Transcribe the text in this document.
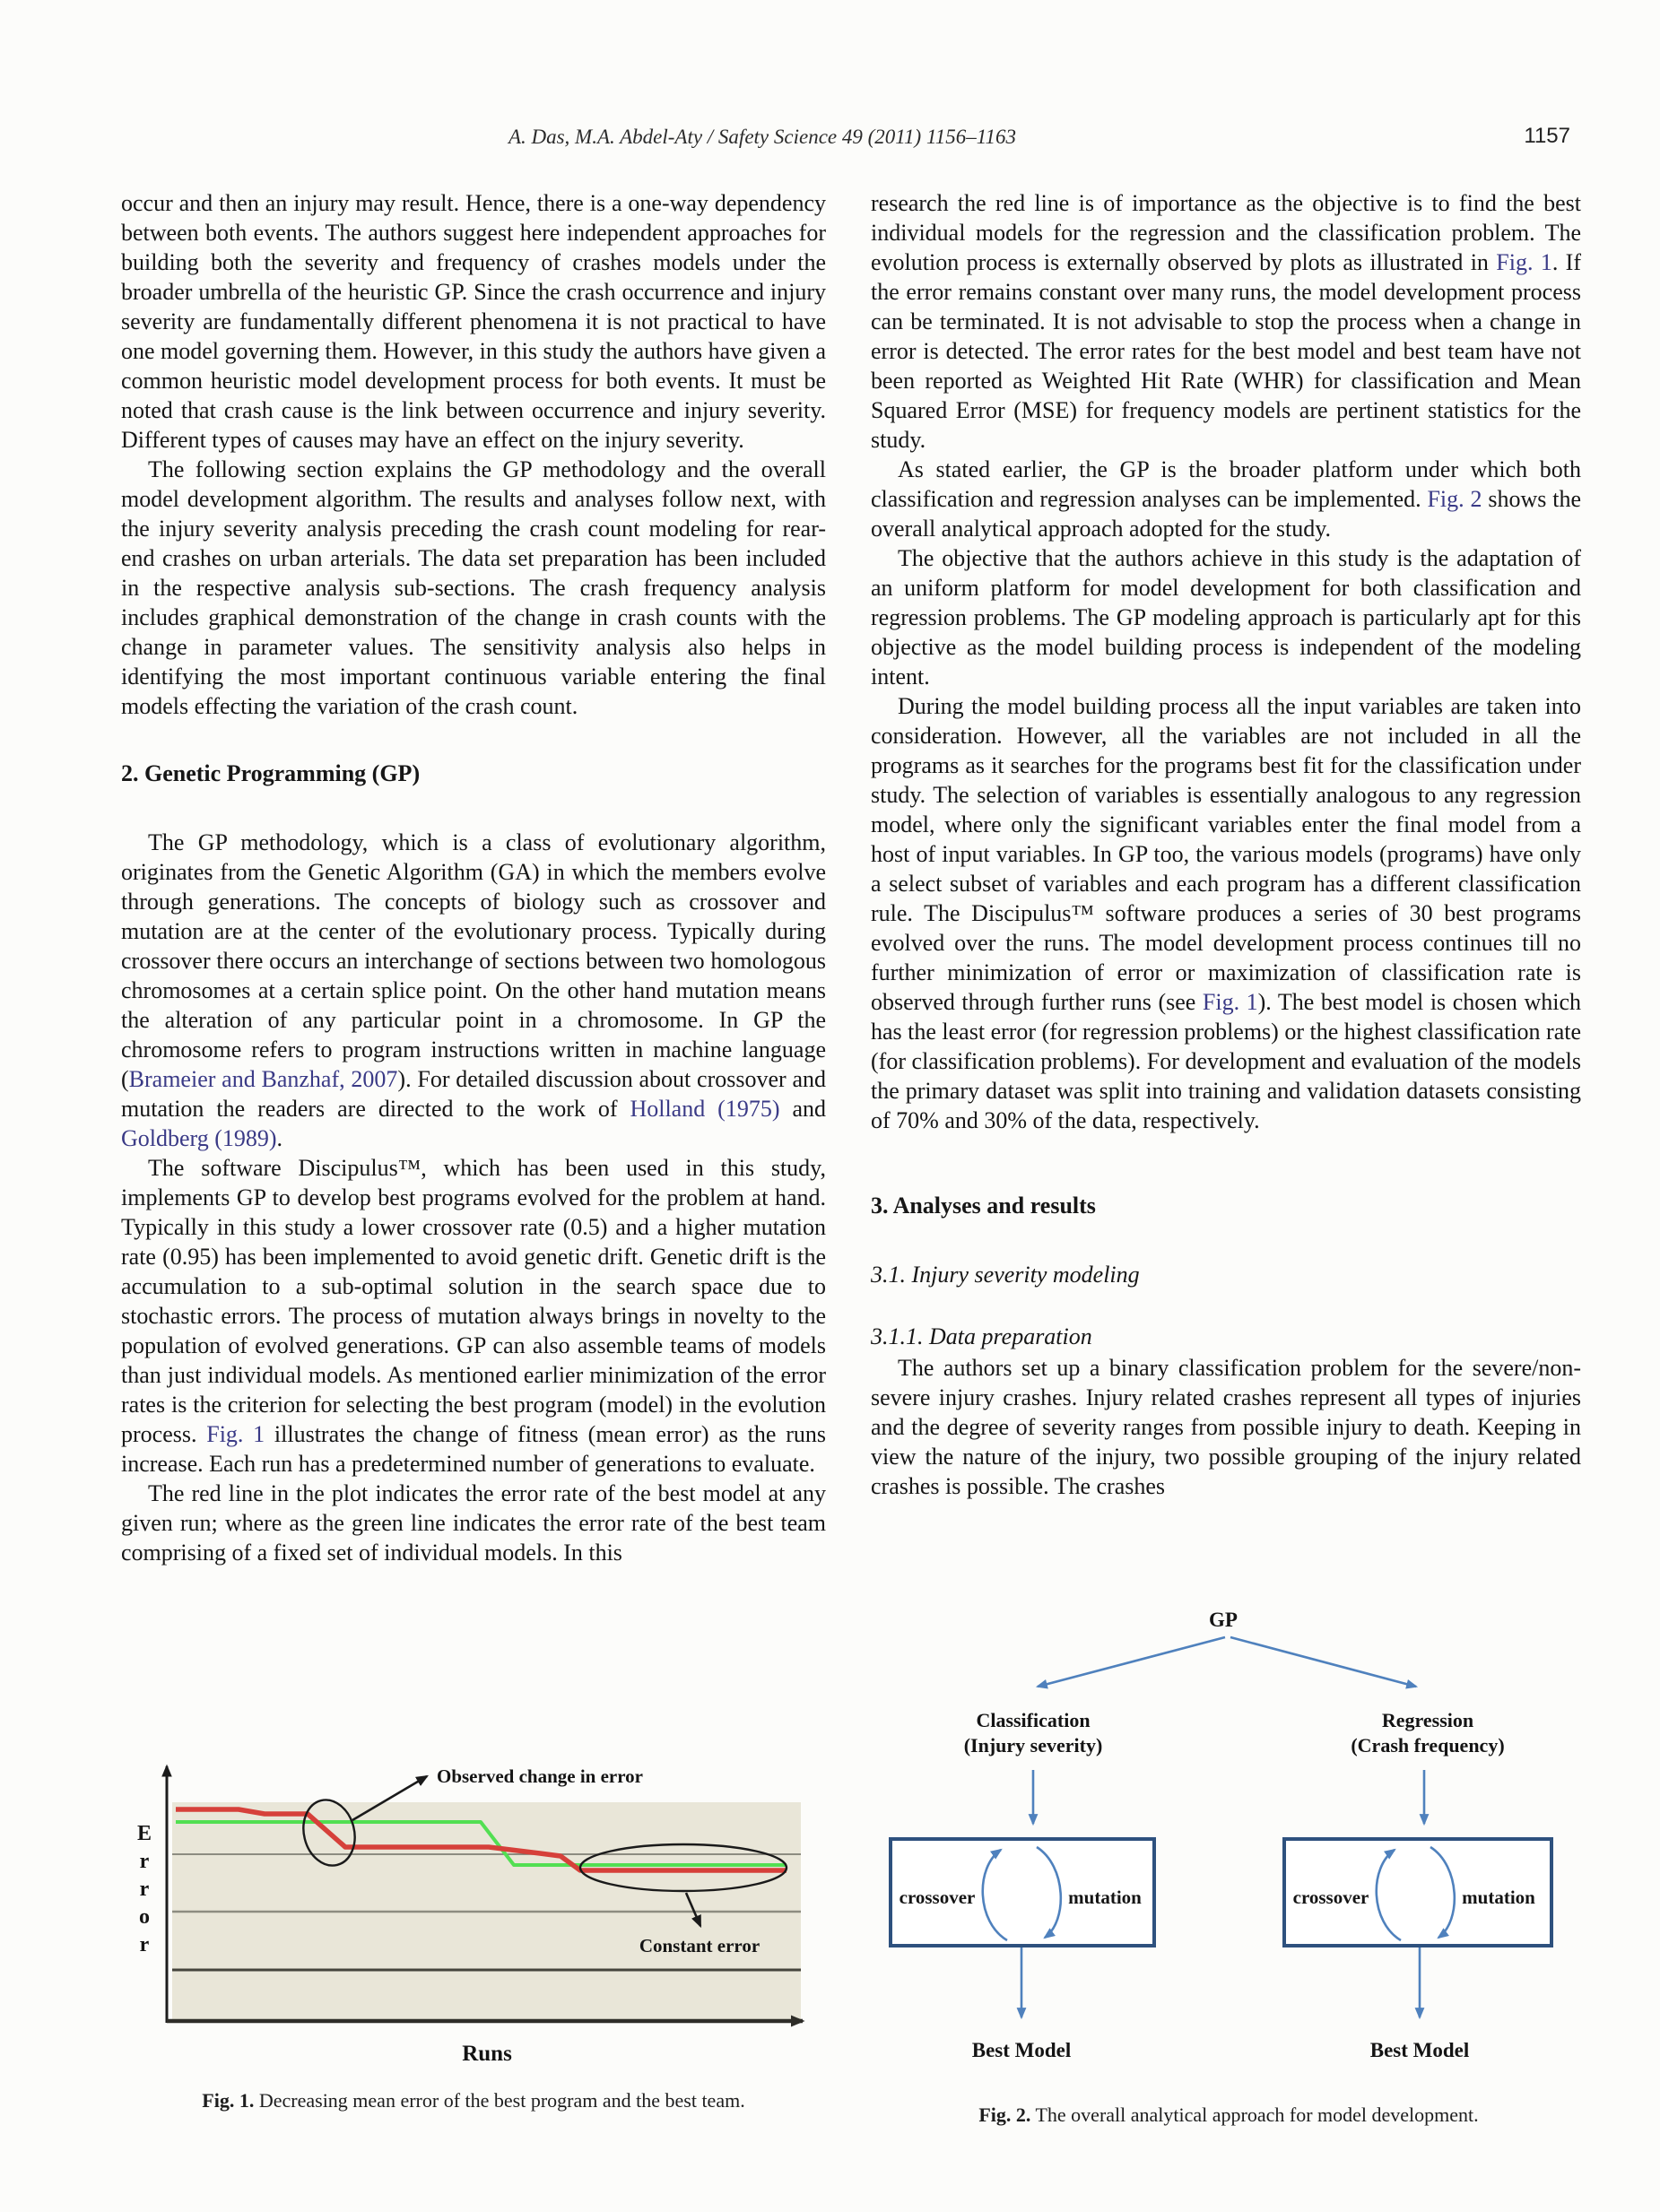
A. Das, M.A. Abdel-Aty / Safety Science 49 (2011) 1156–1163	1157

occur and then an injury may result. Hence, there is a one-way dependency between both events. The authors suggest here independent approaches for building both the severity and frequency of crashes models under the broader umbrella of the heuristic GP. Since the crash occurrence and injury severity are fundamentally different phenomena it is not practical to have one model governing them. However, in this study the authors have given a common heuristic model development process for both events. It must be noted that crash cause is the link between occurrence and injury severity. Different types of causes may have an effect on the injury severity.

The following section explains the GP methodology and the overall model development algorithm. The results and analyses follow next, with the injury severity analysis preceding the crash count modeling for rear-end crashes on urban arterials. The data set preparation has been included in the respective analysis sub-sections. The crash frequency analysis includes graphical demonstration of the change in crash counts with the change in parameter values. The sensitivity analysis also helps in identifying the most important continuous variable entering the final models effecting the variation of the crash count.

2. Genetic Programming (GP)

The GP methodology, which is a class of evolutionary algorithm, originates from the Genetic Algorithm (GA) in which the members evolve through generations. The concepts of biology such as crossover and mutation are at the center of the evolutionary process. Typically during crossover there occurs an interchange of sections between two homologous chromosomes at a certain splice point. On the other hand mutation means the alteration of any particular point in a chromosome. In GP the chromosome refers to program instructions written in machine language (Brameier and Banzhaf, 2007). For detailed discussion about crossover and mutation the readers are directed to the work of Holland (1975) and Goldberg (1989).

The software Discipulus™, which has been used in this study, implements GP to develop best programs evolved for the problem at hand. Typically in this study a lower crossover rate (0.5) and a higher mutation rate (0.95) has been implemented to avoid genetic drift. Genetic drift is the accumulation to a sub-optimal solution in the search space due to stochastic errors. The process of mutation always brings in novelty to the population of evolved generations. GP can also assemble teams of models than just individual models. As mentioned earlier minimization of the error rates is the criterion for selecting the best program (model) in the evolution process. Fig. 1 illustrates the change of fitness (mean error) as the runs increase. Each run has a predetermined number of generations to evaluate.

The red line in the plot indicates the error rate of the best model at any given run; where as the green line indicates the error rate of the best team comprising of a fixed set of individual models. In this

research the red line is of importance as the objective is to find the best individual models for the regression and the classification problem. The evolution process is externally observed by plots as illustrated in Fig. 1. If the error remains constant over many runs, the model development process can be terminated. It is not advisable to stop the process when a change in error is detected. The error rates for the best model and best team have not been reported as Weighted Hit Rate (WHR) for classification and Mean Squared Error (MSE) for frequency models are pertinent statistics for the study.

As stated earlier, the GP is the broader platform under which both classification and regression analyses can be implemented. Fig. 2 shows the overall analytical approach adopted for the study.

The objective that the authors achieve in this study is the adaptation of an uniform platform for model development for both classification and regression problems. The GP modeling approach is particularly apt for this objective as the model building process is independent of the modeling intent.

During the model building process all the input variables are taken into consideration. However, all the variables are not included in all the programs as it searches for the programs best fit for the classification under study. The selection of variables is essentially analogous to any regression model, where only the significant variables enter the final model from a host of input variables. In GP too, the various models (programs) have only a select subset of variables and each program has a different classification rule. The Discipulus™ software produces a series of 30 best programs evolved over the runs. The model development process continues till no further minimization of error or maximization of classification rate is observed through further runs (see Fig. 1). The best model is chosen which has the least error (for regression problems) or the highest classification rate (for classification problems). For development and evaluation of the models the primary dataset was split into training and validation datasets consisting of 70% and 30% of the data, respectively.

3. Analyses and results
3.1. Injury severity modeling
3.1.1. Data preparation

The authors set up a binary classification problem for the severe/non-severe injury crashes. Injury related crashes represent all types of injuries and the degree of severity ranges from possible injury to death. Keeping in view the nature of the injury, two possible grouping of the injury related crashes is possible. The crashes

Observed change in error
Constant error
E
r
r
o
r
Runs
Fig. 1. Decreasing mean error of the best program and the best team.
GP
Classification
(Injury severity)
Regression
(Crash frequency)
crossover	mutation	crossover	mutation
Best Model	Best Model
Fig. 2. The overall analytical approach for model development.
